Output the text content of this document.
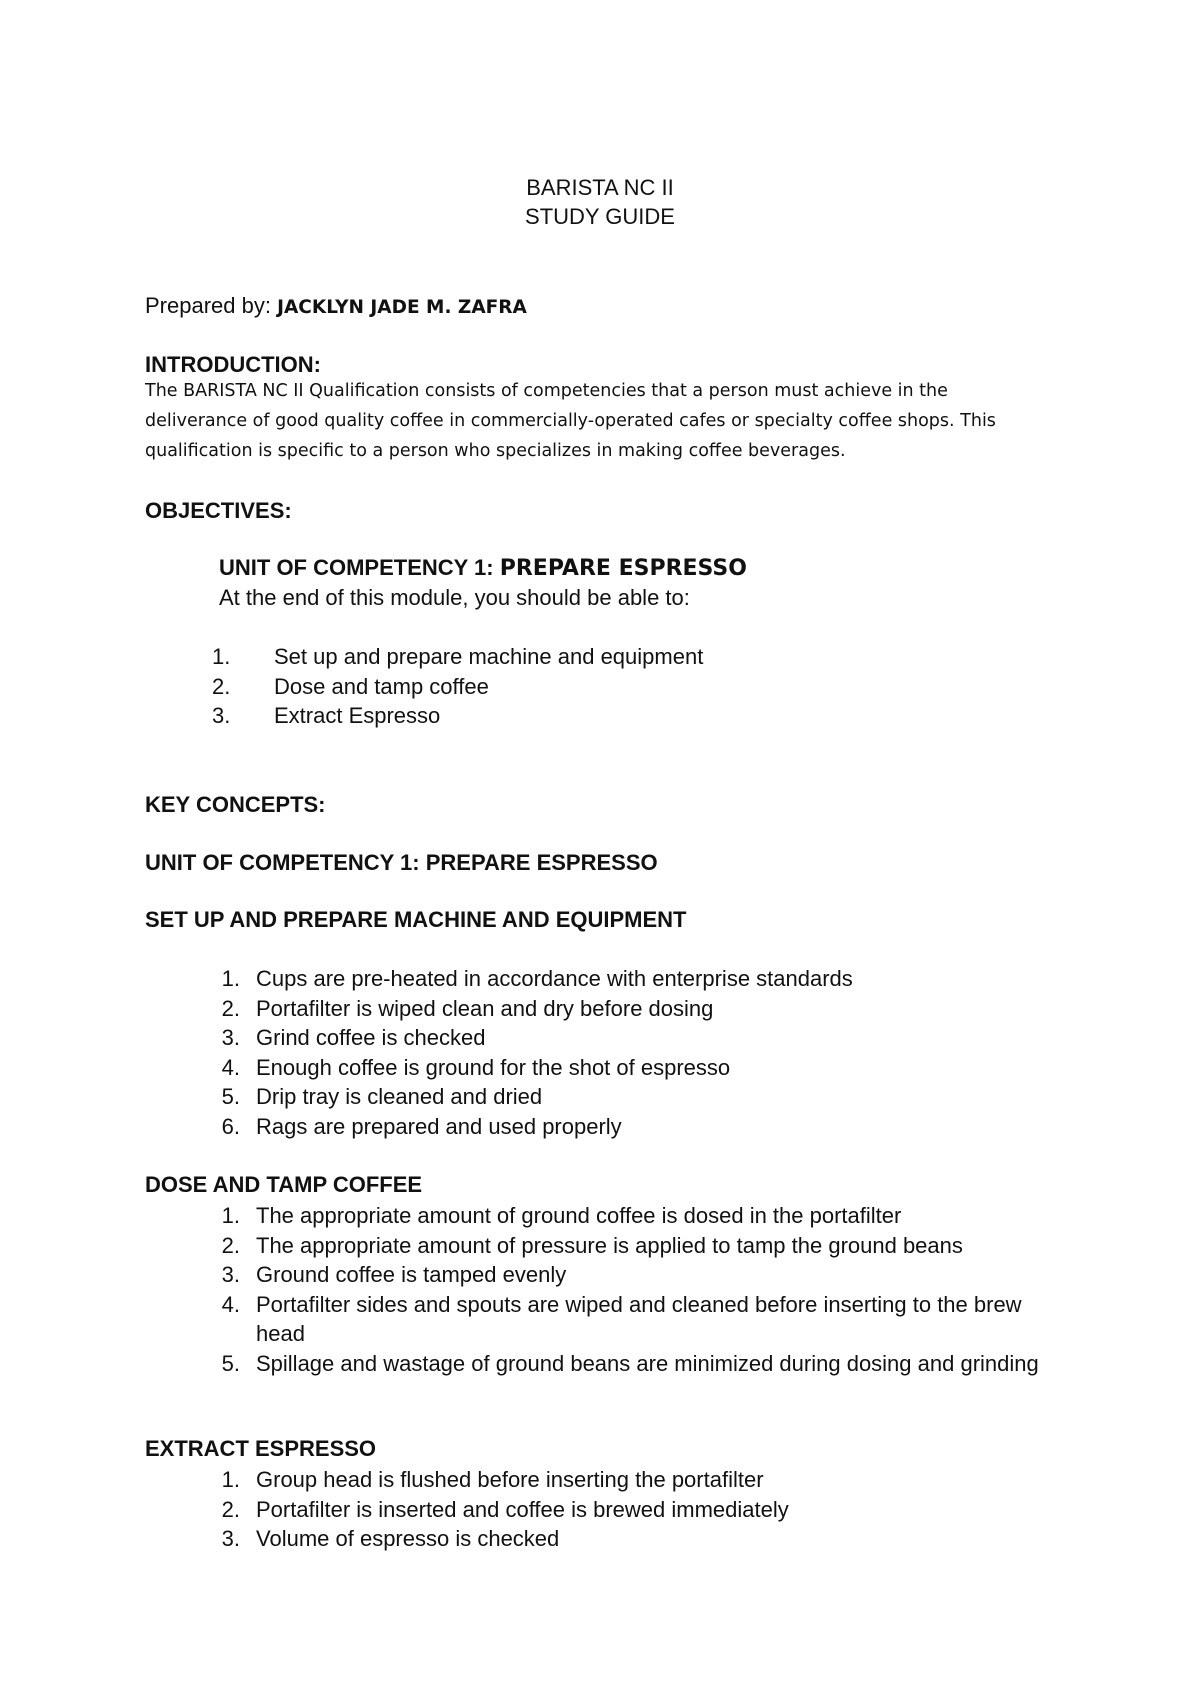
BARISTA NC II
STUDY GUIDE
Prepared by: JACKLYN JADE M. ZAFRA
INTRODUCTION:
The BARISTA NC II Qualification consists of competencies that a person must achieve in the deliverance of good quality coffee in commercially-operated cafes or specialty coffee shops. This qualification is specific to a person who specializes in making coffee beverages.
OBJECTIVES:
UNIT OF COMPETENCY 1: PREPARE ESPRESSO
At the end of this module, you should be able to:
1. Set up and prepare machine and equipment
2. Dose and tamp coffee
3. Extract Espresso
KEY CONCEPTS:
UNIT OF COMPETENCY 1: PREPARE ESPRESSO
SET UP AND PREPARE MACHINE AND EQUIPMENT
1. Cups are pre-heated in accordance with enterprise standards
2. Portafilter is wiped clean and dry before dosing
3. Grind coffee is checked
4. Enough coffee is ground for the shot of espresso
5. Drip tray is cleaned and dried
6. Rags are prepared and used properly
DOSE AND TAMP COFFEE
1. The appropriate amount of ground coffee is dosed in the portafilter
2. The appropriate amount of pressure is applied to tamp the ground beans
3. Ground coffee is tamped evenly
4. Portafilter sides and spouts are wiped and cleaned before inserting to the brew head
5. Spillage and wastage of ground beans are minimized during dosing and grinding
EXTRACT ESPRESSO
1. Group head is flushed before inserting the portafilter
2. Portafilter is inserted and coffee is brewed immediately
3. Volume of espresso is checked
